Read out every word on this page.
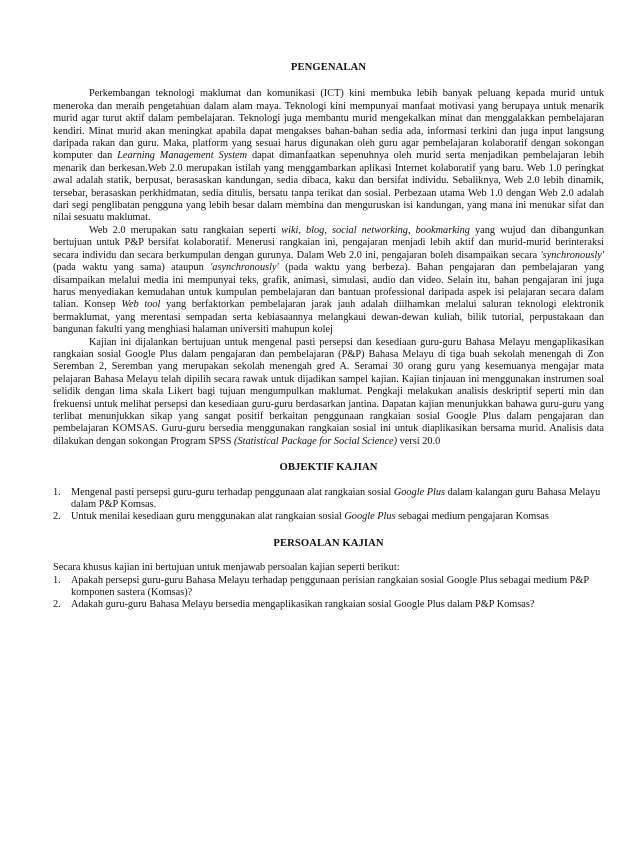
PENGENALAN

Perkembangan teknologi maklumat dan komunikasi (ICT) kini membuka lebih banyak peluang kepada murid untuk meneroka dan meraih pengetahuan dalam alam maya. Teknologi kini mempunyai manfaat motivasi yang berupaya untuk menarik murid agar turut aktif dalam pembelajaran. Teknologi juga membantu murid mengekalkan minat dan menggalakkan pembelajaran kendiri. Minat murid akan meningkat apabila dapat mengakses bahan-bahan sedia ada, informasi terkini dan juga input langsung daripada rakan dan guru. Maka, platform yang sesuai harus digunakan oleh guru agar pembelajaran kolaboratif dengan sokongan komputer dan Learning Management System dapat dimanfaatkan sepenuhnya oleh murid serta menjadikan pembelajaran lebih menarik dan berkesan.Web 2.0 merupakan istilah yang menggambarkan aplikasi Internet kolaboratif yang baru. Web 1.0 peringkat awal adalah statik, berpusat, berasaskan kandungan, sedia dibaca, kaku dan bersifat individu. Sebaliknya, Web 2.0 lebih dinamik, tersebar, berasaskan perkhidmatan, sedia ditulis, bersatu tanpa terikat dan sosial. Perbezaan utama Web 1.0 dengan Web 2.0 adalah dari segi penglibatan pengguna yang lebih besar dalam membina dan menguruskan isi kandungan, yang mana ini menukar sifat dan nilai sesuatu maklumat.

Web 2.0 merupakan satu rangkaian seperti wiki, blog, social networking, bookmarking yang wujud dan dibangunkan bertujuan untuk P&P bersifat kolaboratif. Menerusi rangkaian ini, pengajaran menjadi lebih aktif dan murid-murid berinteraksi secara individu dan secara berkumpulan dengan gurunya. Dalam Web 2.0 ini, pengajaran boleh disampaikan secara 'synchronously' (pada waktu yang sama) ataupun 'asynchronously' (pada waktu yang berbeza). Bahan pengajaran dan pembelajaran yang disampaikan melalui media ini mempunyai teks, grafik, animasi, simulasi, audio dan video. Selain itu, bahan pengajaran ini juga harus menyediakan kemudahan untuk kumpulan pembelajaran dan bantuan professional daripada aspek isi pelajaran secara dalam talian. Konsep Web tool yang berfaktorkan pembelajaran jarak jauh adalah diilhamkan melalui saluran teknologi elektronik bermaklumat, yang merentasi sempadan serta kebiasaannya melangkaui dewan-dewan kuliah, bilik tutorial, perpustakaan dan bangunan fakulti yang menghiasi halaman universiti mahupun kolej

Kajian ini dijalankan bertujuan untuk mengenal pasti persepsi dan kesediaan guru-guru Bahasa Melayu mengaplikasikan rangkaian sosial Google Plus dalam pengajaran dan pembelajaran (P&P) Bahasa Melayu di tiga buah sekolah menengah di Zon Seremban 2, Seremban yang merupakan sekolah menengah gred A. Seramai 30 orang guru yang kesemuanya mengajar mata pelajaran Bahasa Melayu telah dipilih secara rawak untuk dijadikan sampel kajian. Kajian tinjauan ini menggunakan instrumen soal selidik dengan lima skala Likert bagi tujuan mengumpulkan maklumat. Pengkaji melakukan analisis deskriptif seperti min dan frekuensi untuk melihat persepsi dan kesediaan guru-guru berdasarkan jantina. Dapatan kajian menunjukkan bahawa guru-guru yang terlibat menunjukkan sikap yang sangat positif berkaitan penggunaan rangkaian sosial Google Plus dalam pengajaran dan pembelajaran KOMSAS. Guru-guru bersedia menggunakan rangkaian sosial ini untuk diaplikasikan bersama murid. Analisis data dilakukan dengan sokongan Program SPSS (Statistical Package for Social Science) versi 20.0

OBJEKTIF KAJIAN
1. Mengenal pasti persepsi guru-guru terhadap penggunaan alat rangkaian sosial Google Plus dalam kalangan guru Bahasa Melayu dalam P&P Komsas.
2. Untuk menilai kesediaan guru menggunakan alat rangkaian sosial Google Plus sebagai medium pengajaran Komsas
PERSOALAN KAJIAN

Secara khusus kajian ini bertujuan untuk menjawab persoalan kajian seperti berikut:

1. Apakah persepsi guru-guru Bahasa Melayu terhadap penggunaan perisian rangkaian sosial Google Plus sebagai medium P&P komponen sastera (Komsas)?
2. Adakah guru-guru Bahasa Melayu bersedia mengaplikasikan rangkaian sosial Google Plus dalam P&P Komsas?
